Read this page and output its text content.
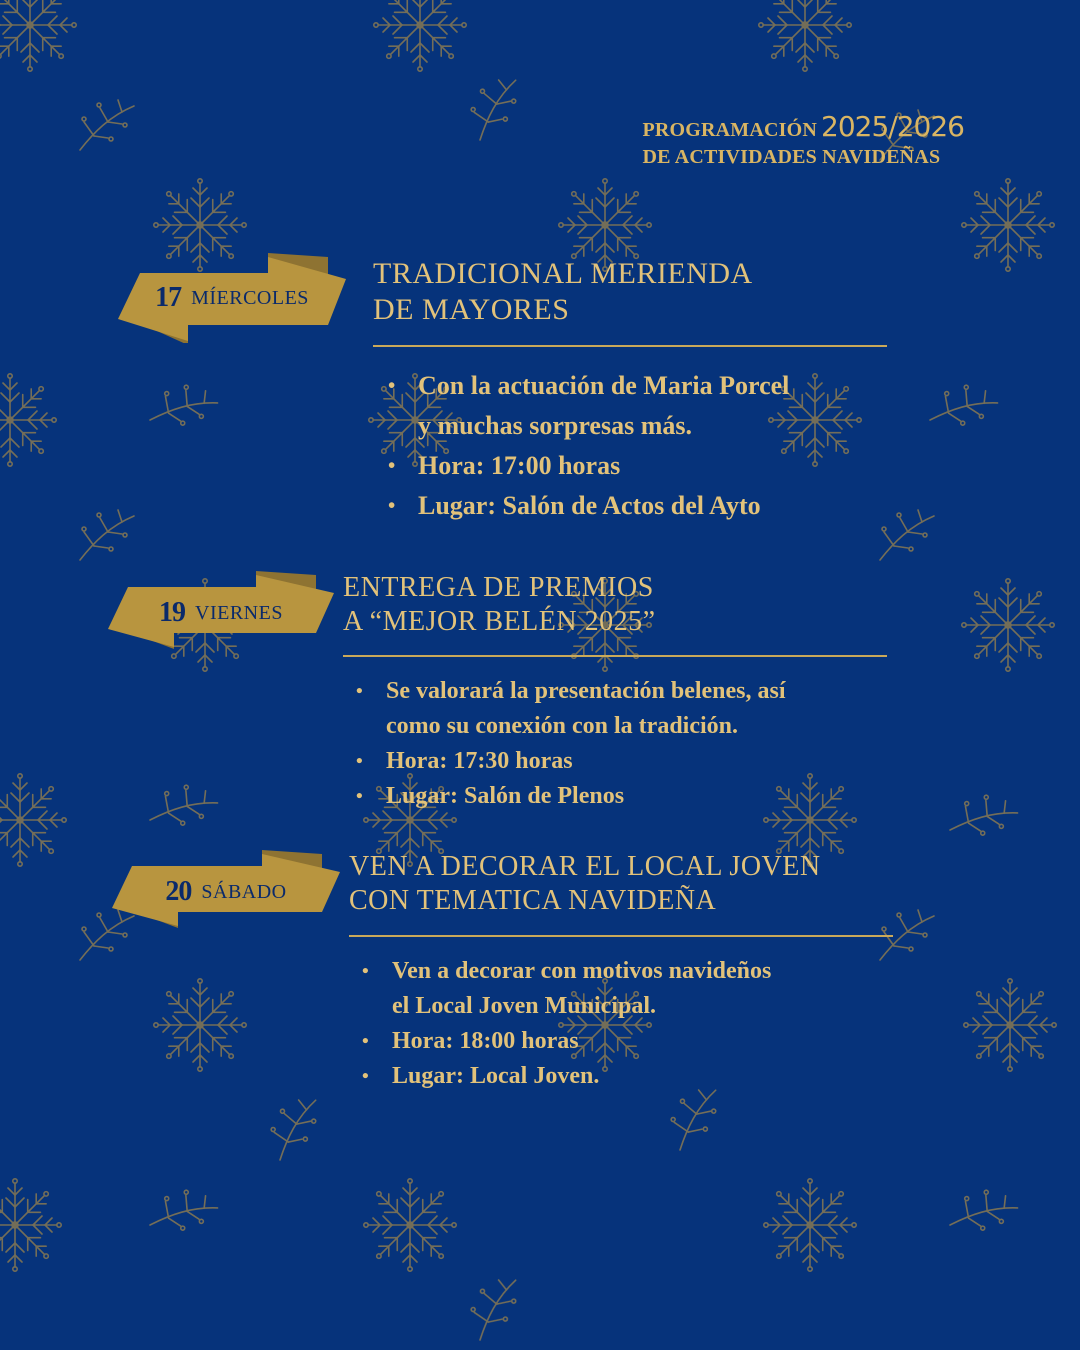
PROGRAMACIÓN 2025/2026
DE ACTIVIDADES NAVIDEÑAS
17 MÍERCOLES
TRADICIONAL MERIENDA
DE MAYORES
• Con la actuación de Maria Porcel
y muchas sorpresas más.
• Hora: 17:00 horas
• Lugar: Salón de Actos del Ayto
19 VIERNES
ENTREGA DE PREMIOS
A “MEJOR BELÉN 2025”
• Se valorará la presentación belenes, así
como su conexión con la tradición.
• Hora: 17:30 horas
• Lugar: Salón de Plenos
20 SÁBADO
VEN A DECORAR EL LOCAL JOVEN
CON TEMATICA NAVIDEÑA
• Ven a decorar con motivos navideños
el Local Joven Municipal.
• Hora: 18:00 horas
• Lugar: Local Joven.
